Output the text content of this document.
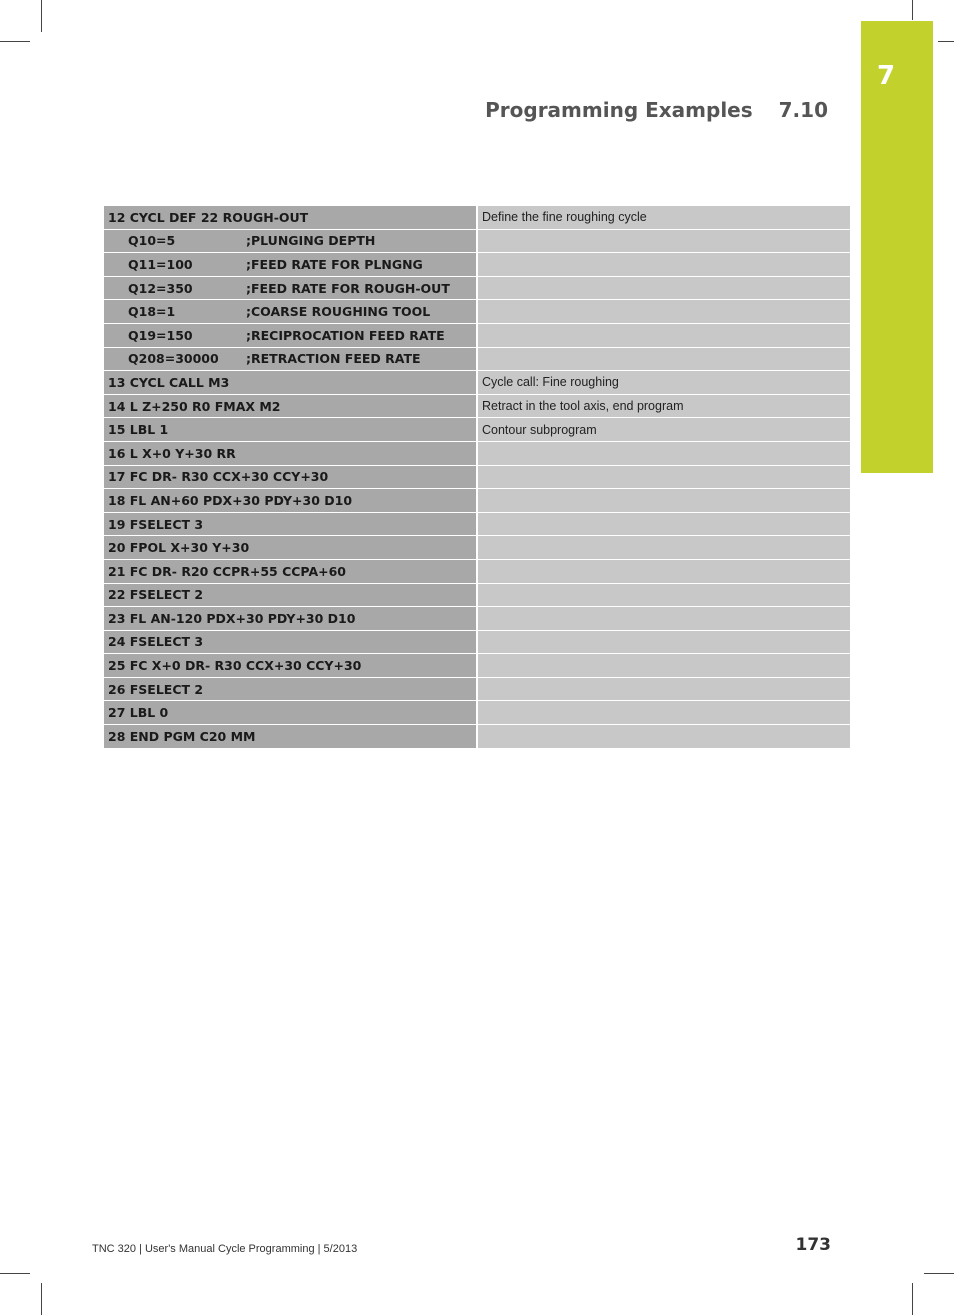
7
Programming Examples 7.10
12 CYCL DEF 22 ROUGH-OUT	Define the fine roughing cycle
Q10=5 ;PLUNGING DEPTH	
Q11=100 ;FEED RATE FOR PLNGNG	
Q12=350 ;FEED RATE FOR ROUGH-OUT	
Q18=1 ;COARSE ROUGHING TOOL	
Q19=150 ;RECIPROCATION FEED RATE	
Q208=30000 ;RETRACTION FEED RATE	
13 CYCL CALL M3	Cycle call: Fine roughing
14 L Z+250 R0 FMAX M2	Retract in the tool axis, end program
15 LBL 1	Contour subprogram
16 L X+0 Y+30 RR	
17 FC DR- R30 CCX+30 CCY+30	
18 FL AN+60 PDX+30 PDY+30 D10	
19 FSELECT 3	
20 FPOL X+30 Y+30	
21 FC DR- R20 CCPR+55 CCPA+60	
22 FSELECT 2	
23 FL AN-120 PDX+30 PDY+30 D10	
24 FSELECT 3	
25 FC X+0 DR- R30 CCX+30 CCY+30	
26 FSELECT 2	
27 LBL 0	
28 END PGM C20 MM	
TNC 320 | User's Manual Cycle Programming | 5/2013	173
